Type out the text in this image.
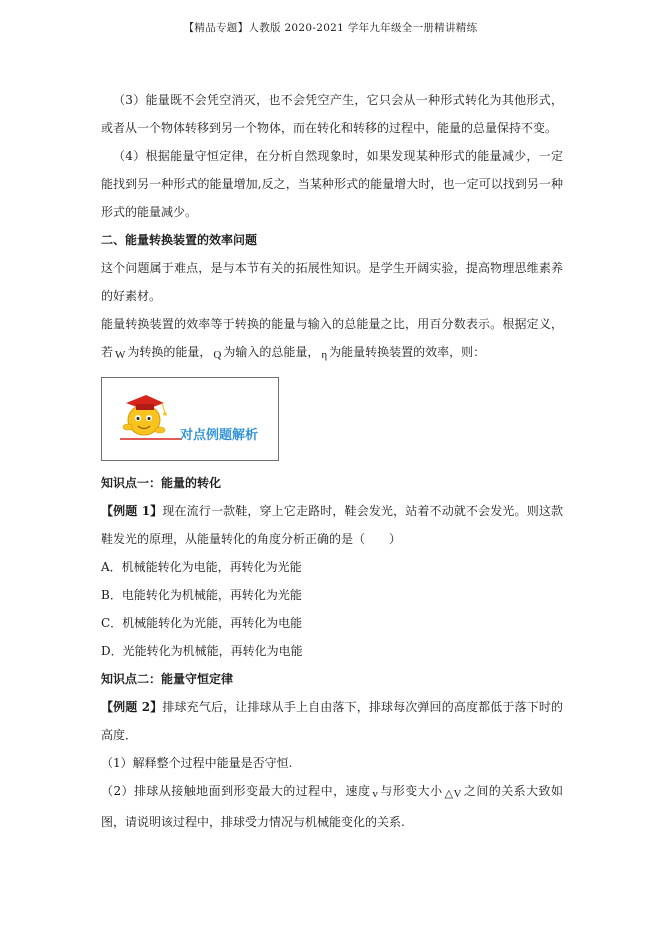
【精品专题】人教版 2020-2021 学年九年级全一册精讲精练

（3）能量既不会凭空消灭，也不会凭空产生，它只会从一种形式转化为其他形式，或者从一个物体转移到另一个物体，而在转化和转移的过程中，能量的总量保持不变。

（4）根据能量守恒定律，在分析自然现象时，如果发现某种形式的能量减少，一定能找到另一种形式的能量增加,反之，当某种形式的能量增大时，也一定可以找到另一种形式的能量减少。

二、能量转换装置的效率问题

这个问题属于难点，是与本节有关的拓展性知识。是学生开阔实验，提高物理思维素养的好素材。

能量转换装置的效率等于转换的能量与输入的总能量之比，用百分数表示。根据定义，若 W 为转换的能量， Q 为输入的总能量， η 为能量转换装置的效率，则：

对点例题解析

知识点一：能量的转化

【例题 1】现在流行一款鞋，穿上它走路时，鞋会发光，站着不动就不会发光。则这款鞋发光的原理，从能量转化的角度分析正确的是（　　）

A．机械能转化为电能，再转化为光能

B．电能转化为机械能，再转化为光能

C．机械能转化为光能，再转化为电能

D．光能转化为机械能，再转化为电能

知识点二：能量守恒定律

【例题 2】排球充气后，让排球从手上自由落下，排球每次弹回的高度都低于落下时的高度．

（1）解释整个过程中能量是否守恒.

（2）排球从接触地面到形变最大的过程中，速度 v 与形变大小 △V 之间的关系大致如图，请说明该过程中，排球受力情况与机械能变化的关系.
